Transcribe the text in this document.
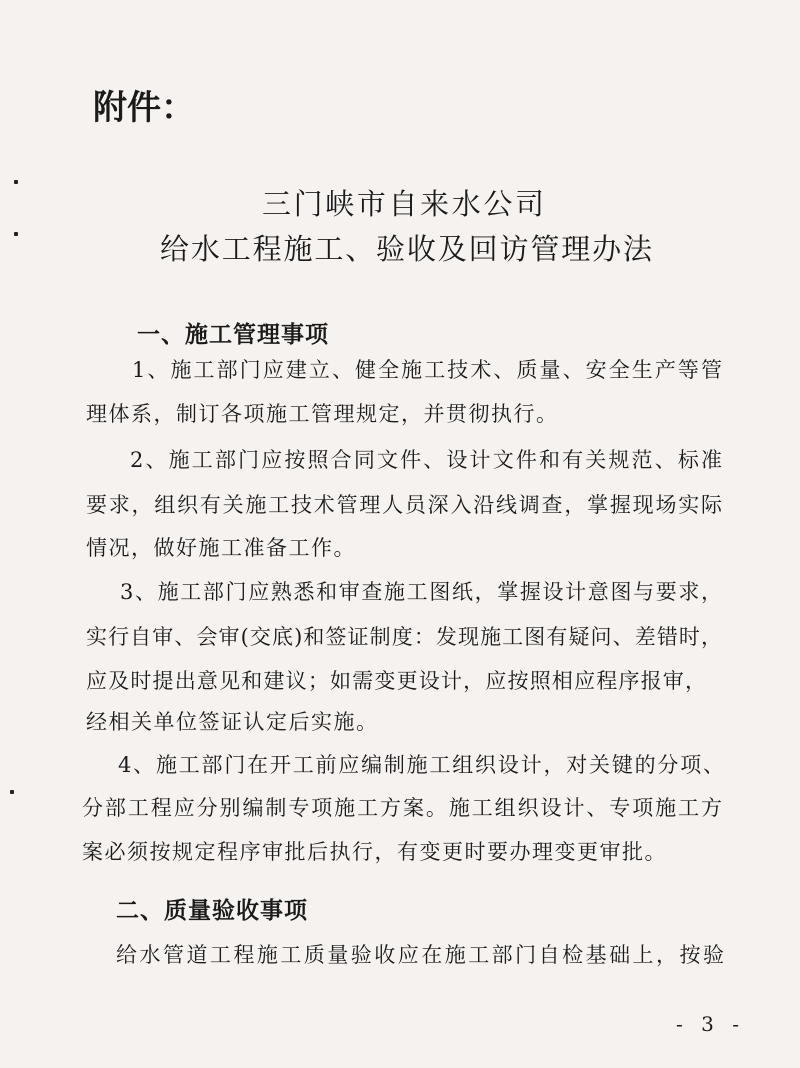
附件：
三门峡市自来水公司
给水工程施工、验收及回访管理办法
一、施工管理事项
1、施工部门应建立、健全施工技术、质量、安全生产等管
理体系，制订各项施工管理规定，并贯彻执行。
2、施工部门应按照合同文件、设计文件和有关规范、标准
要求，组织有关施工技术管理人员深入沿线调查，掌握现场实际
情况，做好施工准备工作。
3、施工部门应熟悉和审查施工图纸，掌握设计意图与要求，
实行自审、会审(交底)和签证制度：发现施工图有疑问、差错时，
应及时提出意见和建议；如需变更设计，应按照相应程序报审，
经相关单位签证认定后实施。
4、施工部门在开工前应编制施工组织设计，对关键的分项、
分部工程应分别编制专项施工方案。施工组织设计、专项施工方
案必须按规定程序审批后执行，有变更时要办理变更审批。
二、质量验收事项
给水管道工程施工质量验收应在施工部门自检基础上，按验
- 3 -
